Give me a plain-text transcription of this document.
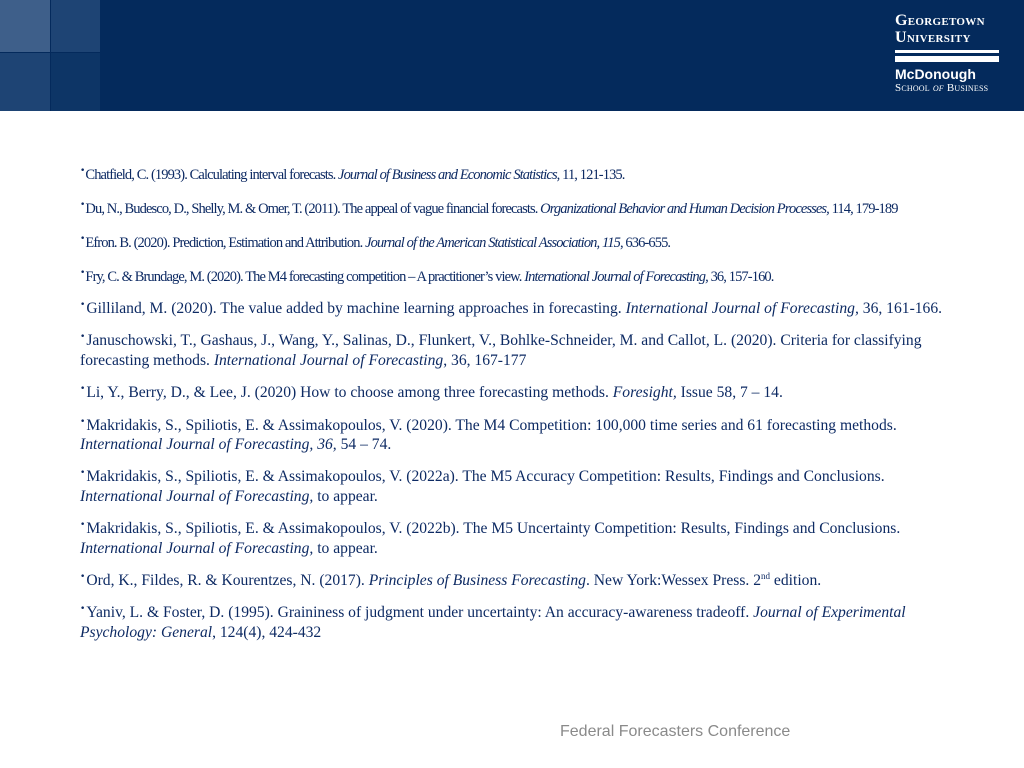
Georgetown
University
McDonough
School of Business
•Chatfield, C. (1993). Calculating interval forecasts. Journal of Business and Economic Statistics, 11, 121-135.
•Du, N., Budesco, D., Shelly, M. & Omer, T. (2011). The appeal of vague financial forecasts. Organizational Behavior and Human Decision Processes, 114, 179-189
•Efron. B. (2020). Prediction, Estimation and Attribution. Journal of the American Statistical Association, 115, 636-655.
•Fry, C. & Brundage, M. (2020). The M4 forecasting competition – A practitioner’s view. International Journal of Forecasting, 36, 157-160.
•Gilliland, M. (2020). The value added by machine learning approaches in forecasting. International Journal of Forecasting, 36, 161-166.
•Januschowski, T., Gashaus, J., Wang, Y., Salinas, D., Flunkert, V., Bohlke-Schneider, M. and Callot, L. (2020). Criteria for classifying forecasting methods. International Journal of Forecasting, 36, 167-177
•Li, Y., Berry, D., & Lee, J. (2020) How to choose among three forecasting methods. Foresight, Issue 58, 7 – 14.
•Makridakis, S., Spiliotis, E. & Assimakopoulos, V. (2020). The M4 Competition: 100,000 time series and 61 forecasting methods. International Journal of Forecasting, 36, 54 – 74.
•Makridakis, S., Spiliotis, E. & Assimakopoulos, V. (2022a). The M5 Accuracy Competition: Results, Findings and Conclusions. International Journal of Forecasting, to appear.
•Makridakis, S., Spiliotis, E. & Assimakopoulos, V. (2022b). The M5 Uncertainty Competition: Results, Findings and Conclusions. International Journal of Forecasting, to appear.
•Ord, K., Fildes, R. & Kourentzes, N. (2017). Principles of Business Forecasting. New York:Wessex Press. 2nd edition.
•Yaniv, L. & Foster, D. (1995). Graininess of judgment under uncertainty: An accuracy-awareness tradeoff. Journal of Experimental Psychology: General, 124(4), 424-432
Federal Forecasters Conference
